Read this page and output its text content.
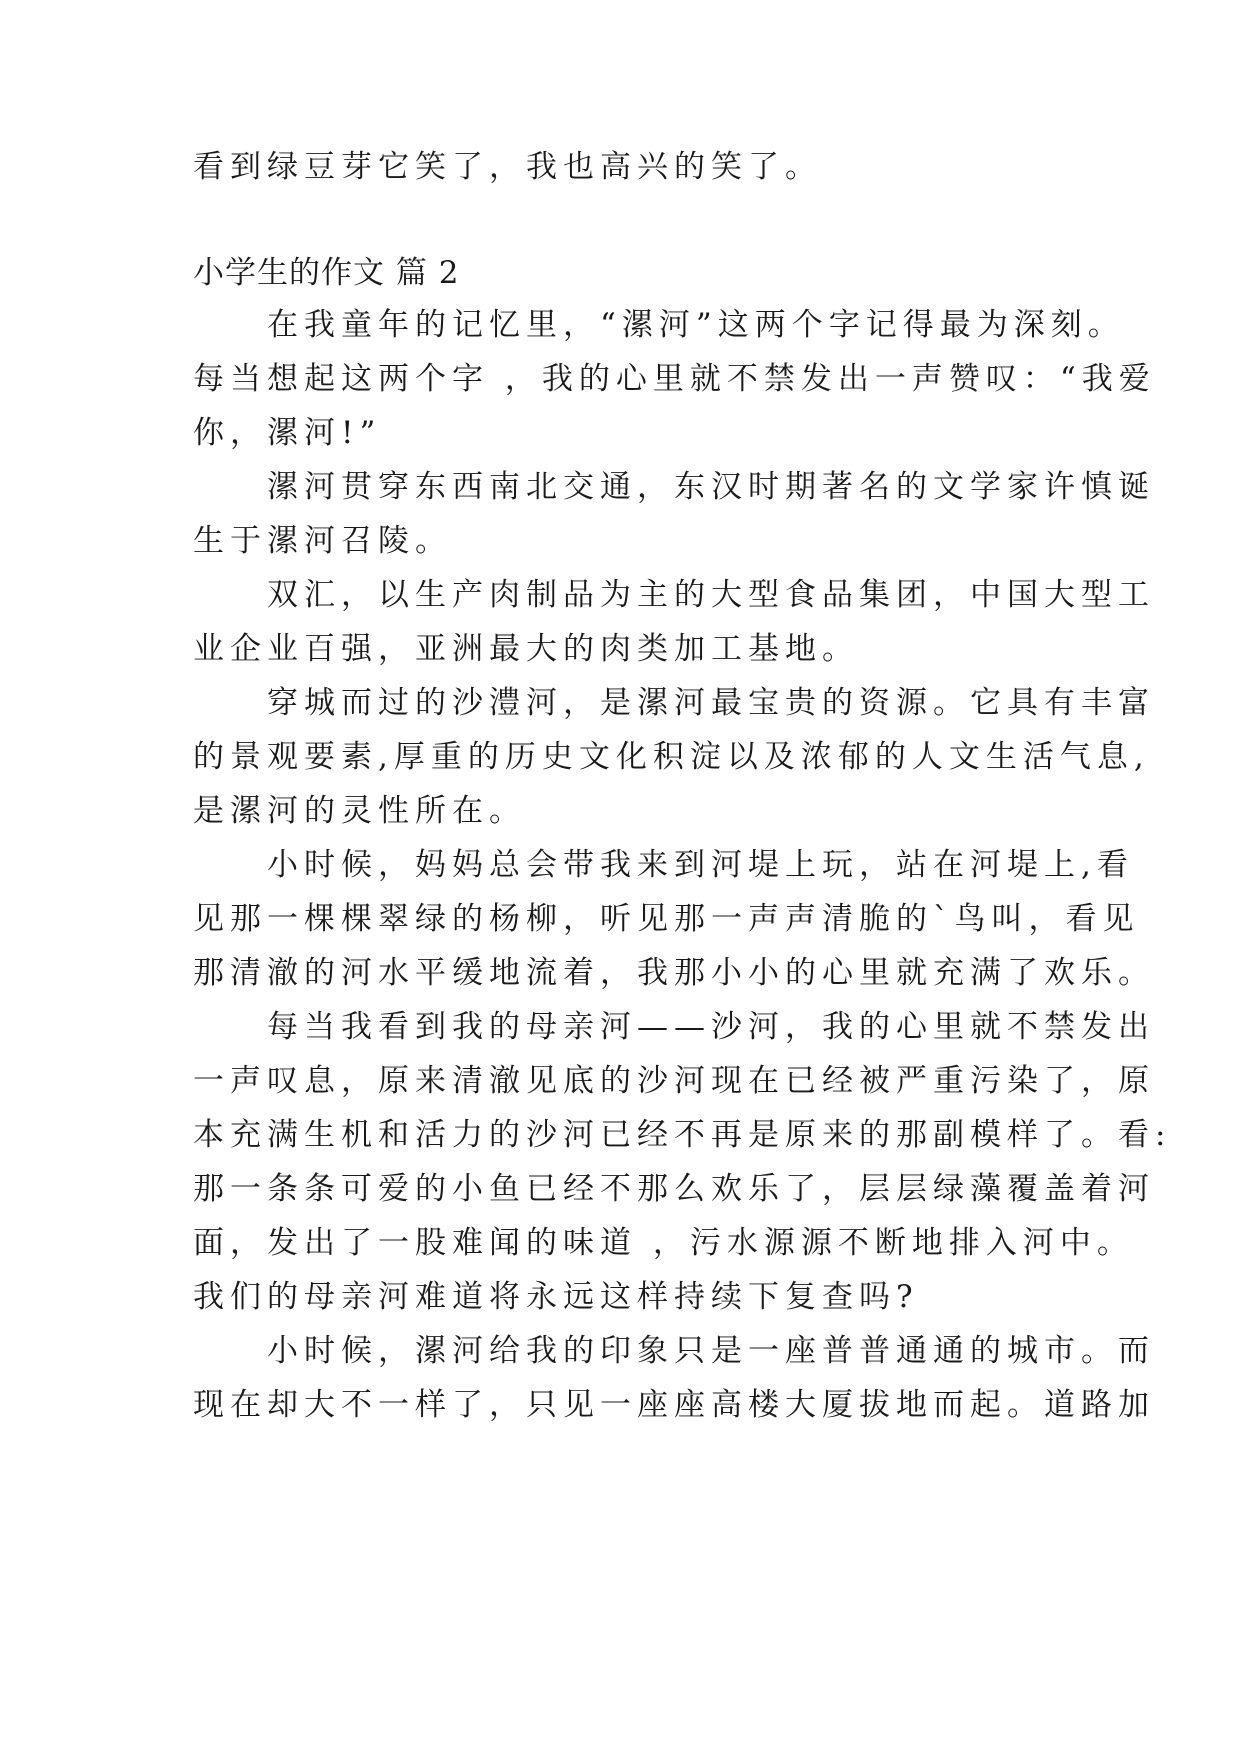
看到绿豆芽它笑了，我也高兴的笑了。
小学生的作文 篇 2
　　在我童年的记忆里，“漯河”这两个字记得最为深刻。
每当想起这两个字 ，我的心里就不禁发出一声赞叹：“我爱
你，漯河!”
　　漯河贯穿东西南北交通，东汉时期著名的文学家许慎诞
生于漯河召陵。
　　双汇，以生产肉制品为主的大型食品集团，中国大型工
业企业百强，亚洲最大的肉类加工基地。
　　穿城而过的沙澧河，是漯河最宝贵的资源。它具有丰富
的景观要素,厚重的历史文化积淀以及浓郁的人文生活气息,
是漯河的灵性所在。
　　小时候，妈妈总会带我来到河堤上玩，站在河堤上,看
见那一棵棵翠绿的杨柳，听见那一声声清脆的`鸟叫，看见
那清澈的河水平缓地流着，我那小小的心里就充满了欢乐。
　　每当我看到我的母亲河——沙河，我的心里就不禁发出
一声叹息，原来清澈见底的沙河现在已经被严重污染了，原
本充满生机和活力的沙河已经不再是原来的那副模样了。看:
那一条条可爱的小鱼已经不那么欢乐了，层层绿藻覆盖着河
面，发出了一股难闻的味道 ，污水源源不断地排入河中。
我们的母亲河难道将永远这样持续下复查吗?
　　小时候，漯河给我的印象只是一座普普通通的城市。而
现在却大不一样了，只见一座座高楼大厦拔地而起。道路加
